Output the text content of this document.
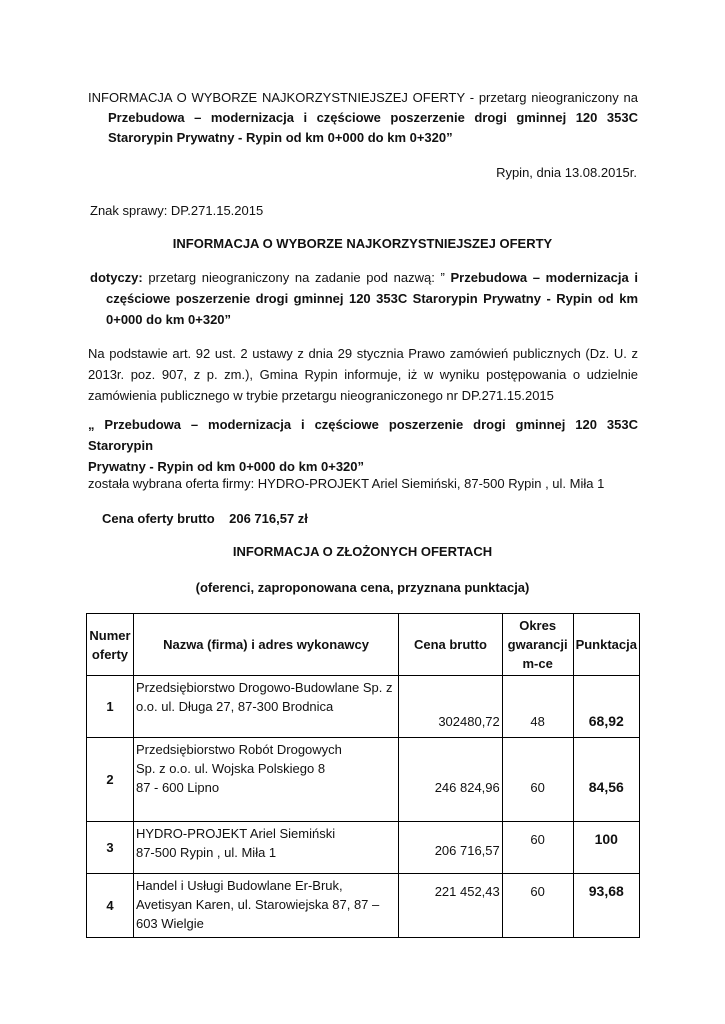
INFORMACJA O WYBORZE NAJKORZYSTNIEJSZEJ OFERTY - przetarg nieograniczony na
Przebudowa – modernizacja i częściowe poszerzenie drogi gminnej 120 353C
Starorypin Prywatny - Rypin od km 0+000 do km 0+320”
Rypin, dnia 13.08.2015r.
Znak sprawy: DP.271.15.2015
INFORMACJA O WYBORZE NAJKORZYSTNIEJSZEJ OFERTY
dotyczy: przetarg nieograniczony na zadanie pod nazwą: ” Przebudowa – modernizacja i
częściowe poszerzenie drogi gminnej 120 353C Starorypin Prywatny - Rypin od km
0+000 do km 0+320”
Na podstawie art. 92 ust. 2 ustawy z dnia 29 stycznia Prawo zamówień publicznych (Dz. U. z
2013r. poz. 907, z p. zm.), Gmina Rypin informuje, iż w wyniku postępowania o udzielnie
zamówienia publicznego w trybie przetargu nieograniczonego nr DP.271.15.2015
„ Przebudowa – modernizacja i częściowe poszerzenie drogi gminnej 120 353C Starorypin
Prywatny - Rypin od km 0+000 do km 0+320”
została wybrana oferta firmy: HYDRO-PROJEKT Ariel Siemiński, 87-500 Rypin , ul. Miła 1
Cena oferty brutto 206 716,57 zł
INFORMACJA O ZŁOŻONYCH OFERTACH
(oferenci, zaproponowana cena, przyznana punktacja)
Numer
oferty	Nazwa (firma) i adres wykonawcy	Cena brutto	Okres
gwarancji
m-ce	Punktacja
1	Przedsiębiorstwo Drogowo-Budowlane Sp. z
o.o. ul. Długa 27, 87-300 Brodnica	302480,72	48	68,92
2	Przedsiębiorstwo Robót Drogowych
Sp. z o.o. ul. Wojska Polskiego 8
87 - 600 Lipno	246 824,96	60	84,56
3	HYDRO-PROJEKT Ariel Siemiński
87-500 Rypin , ul. Miła 1	206 716,57	60	100
4	Handel i Usługi Budowlane Er-Bruk,
Avetisyan Karen, ul. Starowiejska 87, 87 –
603 Wielgie	221 452,43	60	93,68
